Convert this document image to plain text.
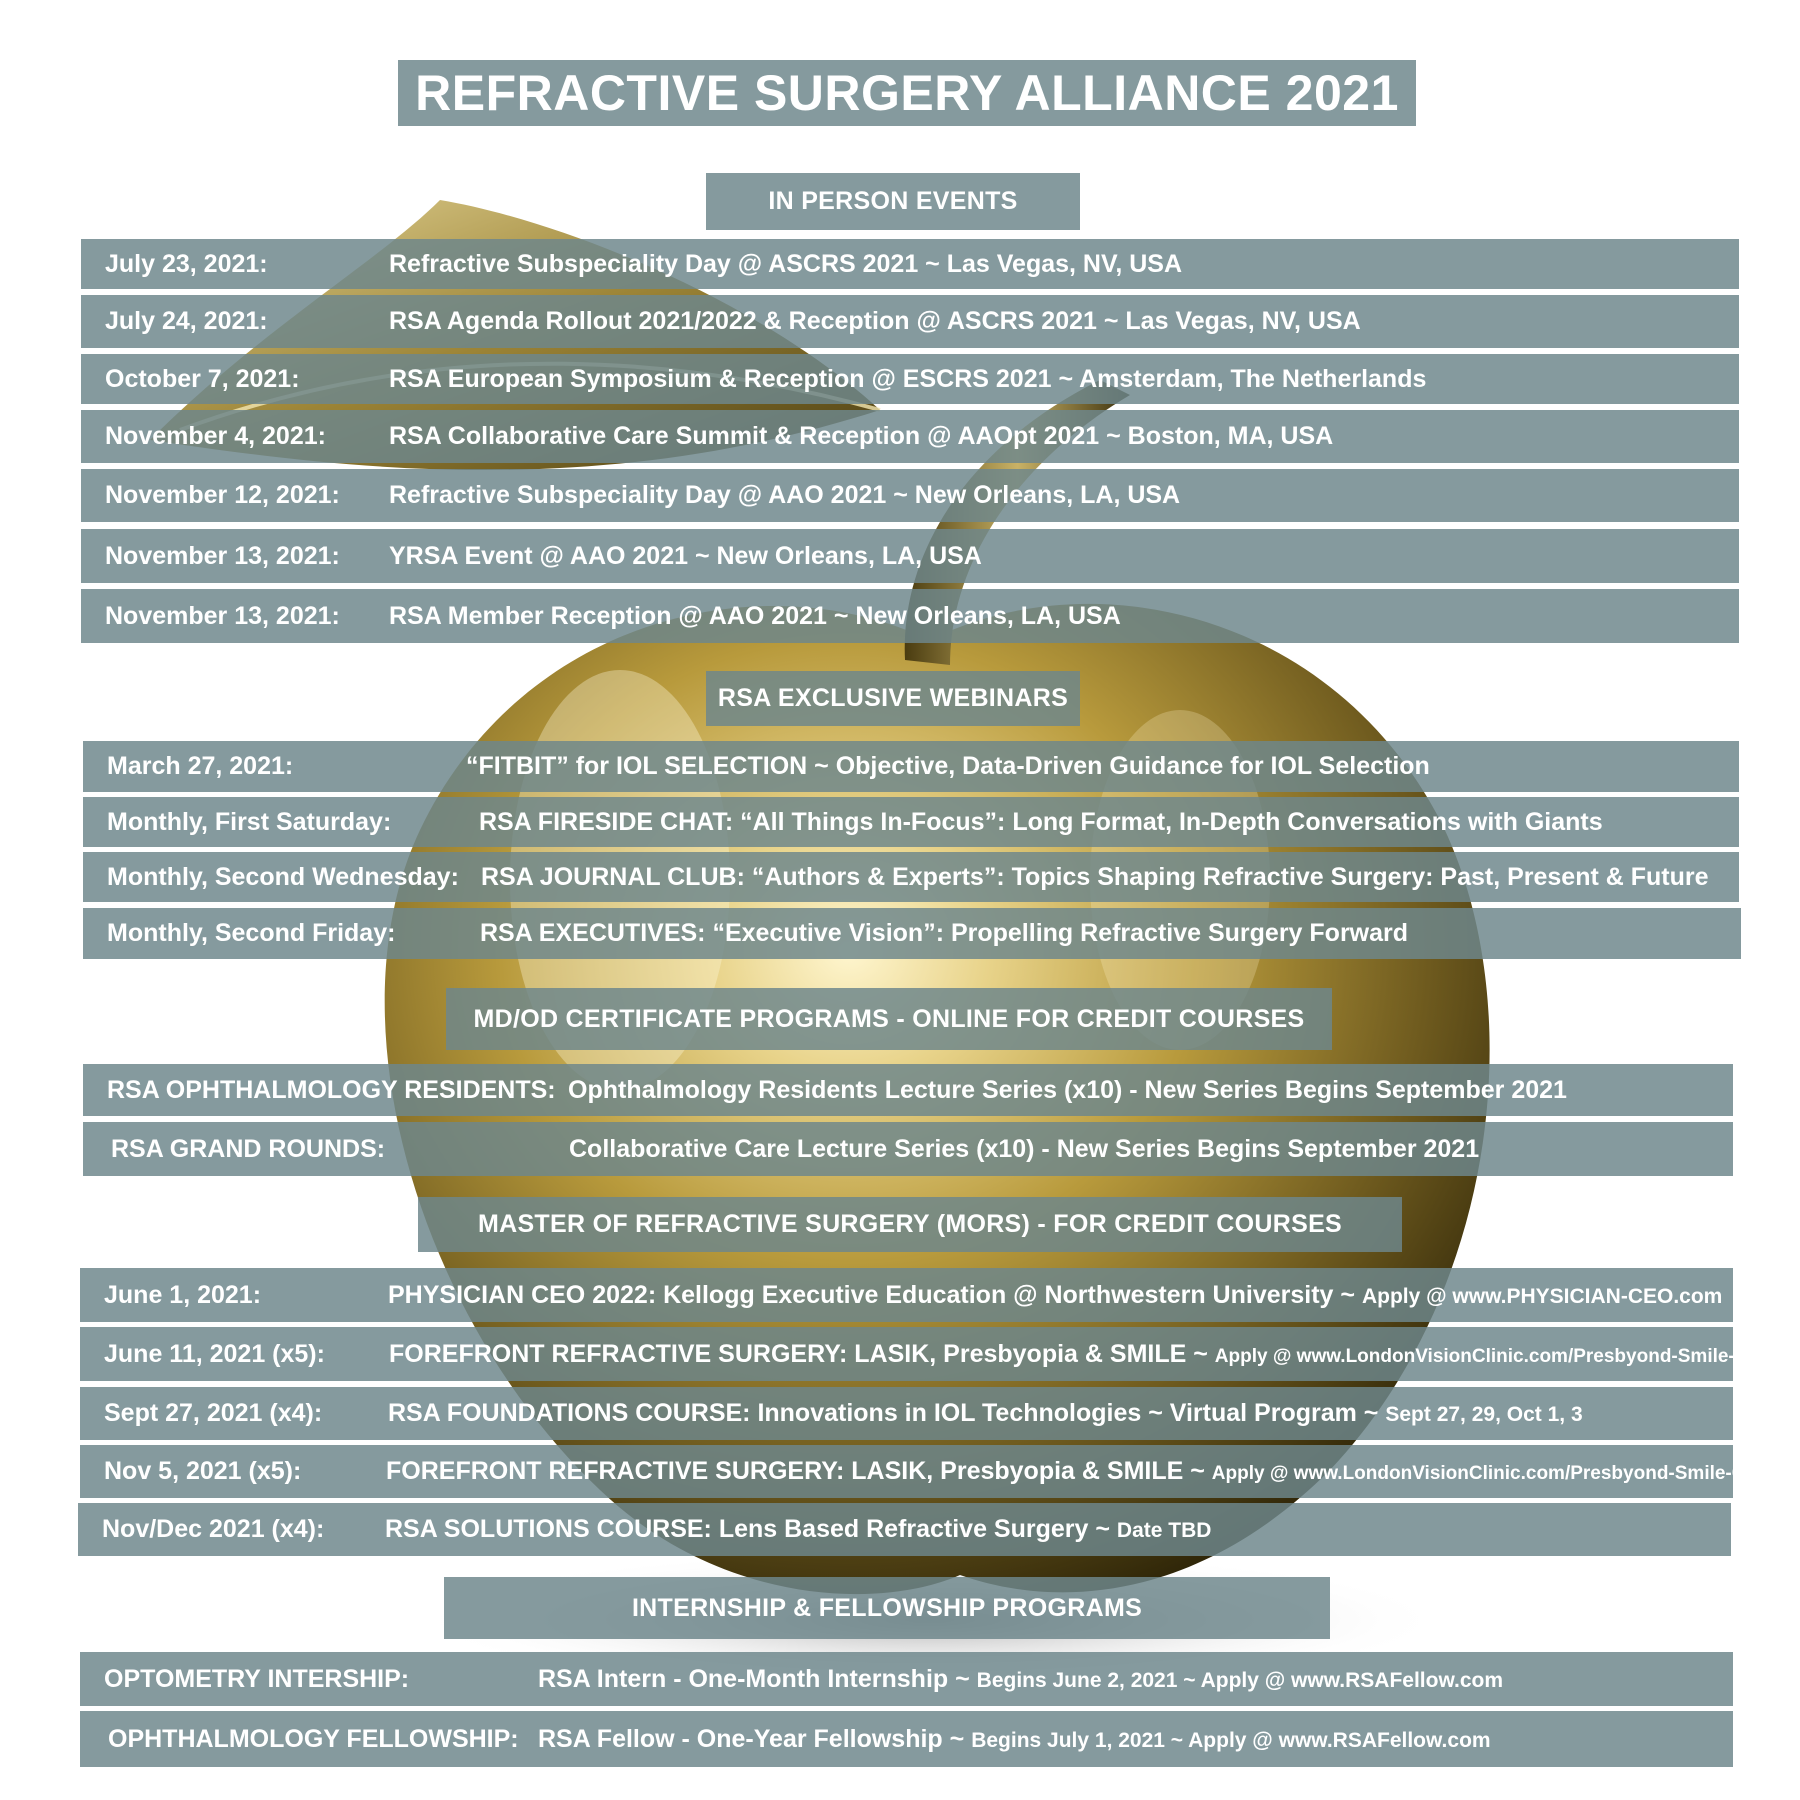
REFRACTIVE SURGERY ALLIANCE 2021
IN PERSON EVENTS
July 23, 2021:	Refractive Subspeciality Day @ ASCRS 2021 ~ Las Vegas, NV, USA
July 24, 2021:	RSA Agenda Rollout 2021/2022 & Reception @ ASCRS 2021 ~ Las Vegas, NV, USA
October 7, 2021:	RSA European Symposium & Reception @ ESCRS 2021 ~ Amsterdam, The Netherlands
November 4, 2021:	RSA Collaborative Care Summit & Reception @ AAOpt 2021 ~ Boston, MA, USA
November 12, 2021: Refractive Subspeciality Day @ AAO 2021 ~ New Orleans, LA, USA
November 13, 2021: YRSA Event @ AAO 2021 ~ New Orleans, LA, USA
November 13, 2021: RSA Member Reception @ AAO 2021 ~ New Orleans, LA, USA
RSA EXCLUSIVE WEBINARS
March 27, 2021:	“FITBIT” for IOL SELECTION ~ Objective, Data-Driven Guidance for IOL Selection
Monthly, First Saturday:	RSA FIRESIDE CHAT: “All Things In-Focus”: Long Format, In-Depth Conversations with Giants
Monthly, Second Wednesday: RSA JOURNAL CLUB: “Authors & Experts”: Topics Shaping Refractive Surgery: Past, Present & Future
Monthly, Second Friday:	RSA EXECUTIVES: “Executive Vision”: Propelling Refractive Surgery Forward
MD/OD CERTIFICATE PROGRAMS - ONLINE FOR CREDIT COURSES
RSA OPHTHALMOLOGY RESIDENTS: Ophthalmology Residents Lecture Series (x10) - New Series Begins September 2021
RSA GRAND ROUNDS:	Collaborative Care Lecture Series (x10) - New Series Begins September 2021
MASTER OF REFRACTIVE SURGERY (MORS) - FOR CREDIT COURSES
June 1, 2021:	PHYSICIAN CEO 2022: Kellogg Executive Education @ Northwestern University ~ Apply @ www.PHYSICIAN-CEO.com
June 11, 2021 (x5):	FOREFRONT REFRACTIVE SURGERY: LASIK, Presbyopia & SMILE ~ Apply @ www.LondonVisionClinic.com/Presbyond-Smile-Course
Sept 27, 2021 (x4):	RSA FOUNDATIONS COURSE: Innovations in IOL Technologies ~ Virtual Program ~ Sept 27, 29, Oct 1, 3
Nov 5, 2021 (x5):	FOREFRONT REFRACTIVE SURGERY: LASIK, Presbyopia & SMILE ~ Apply @ www.LondonVisionClinic.com/Presbyond-Smile-Course
Nov/Dec 2021 (x4): RSA SOLUTIONS COURSE: Lens Based Refractive Surgery ~ Date TBD
INTERNSHIP & FELLOWSHIP PROGRAMS
OPTOMETRY INTERSHIP:	RSA Intern - One-Month Internship ~ Begins June 2, 2021 ~ Apply @ www.RSAFellow.com
OPHTHALMOLOGY FELLOWSHIP: RSA Fellow - One-Year Fellowship ~ Begins July 1, 2021 ~ Apply @ www.RSAFellow.com
